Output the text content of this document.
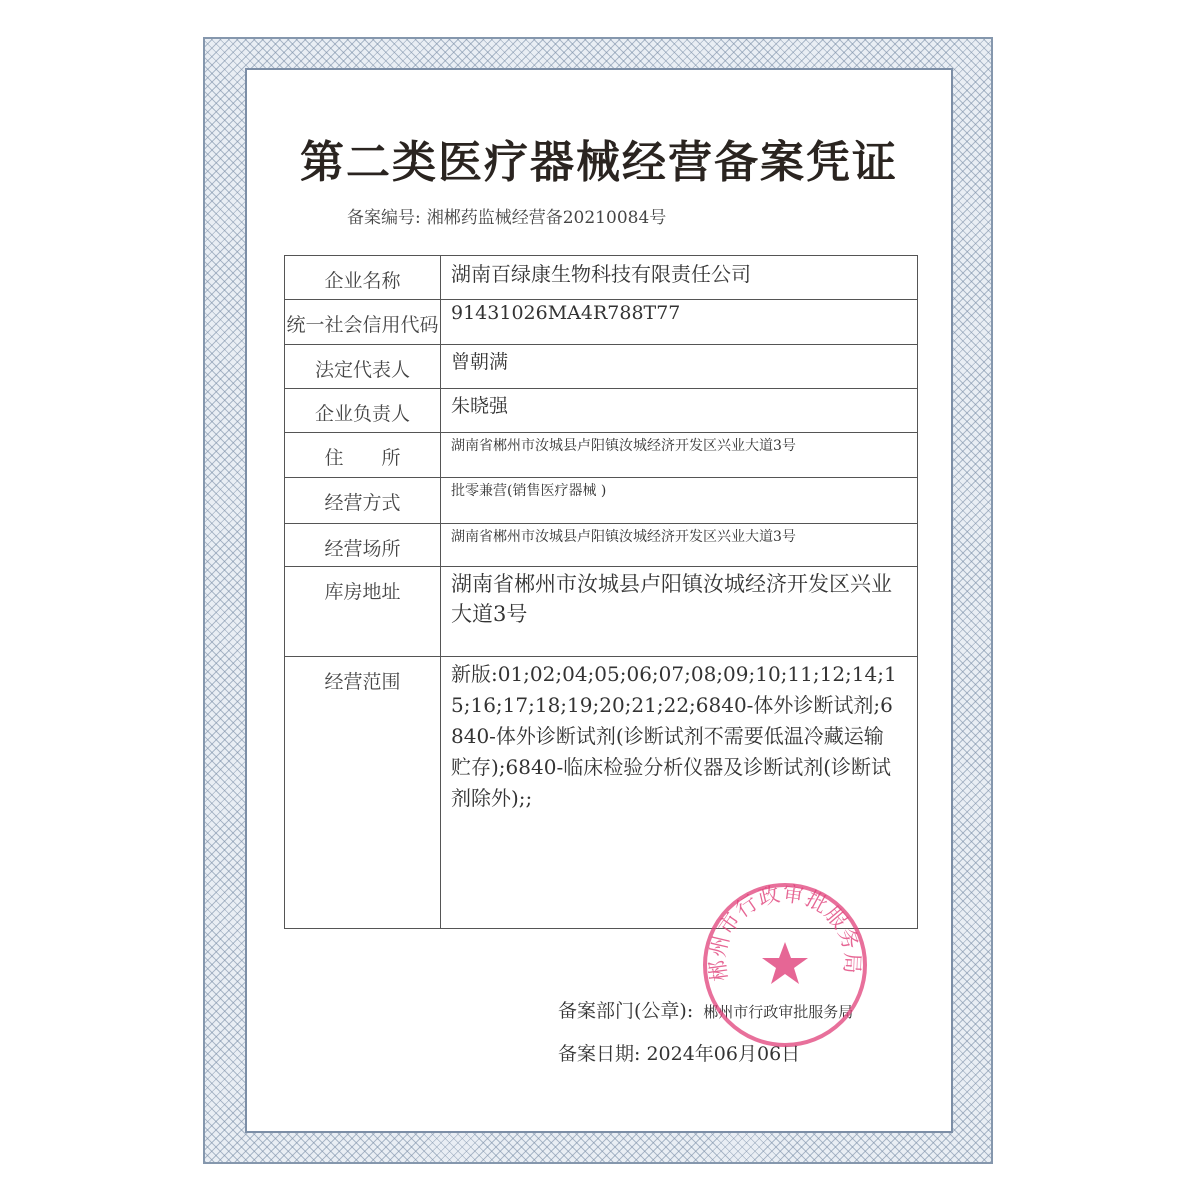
第二类医疗器械经营备案凭证
备案编号: 湘郴药监械经营备20210084号
企业名称	湖南百绿康生物科技有限责任公司
统一社会信用代码	91431026MA4R788T77
法定代表人	曾朝满
企业负责人	朱晓强
住　　所	湖南省郴州市汝城县卢阳镇汝城经济开发区兴业大道3号
经营方式	批零兼营(销售医疗器械 )
经营场所	湖南省郴州市汝城县卢阳镇汝城经济开发区兴业大道3号
库房地址	湖南省郴州市汝城县卢阳镇汝城经济开发区兴业大道3号
经营范围	新版:01;02;04;05;06;07;08;09;10;11;12;14;15;16;17;18;19;20;21;22;6840-体外诊断试剂;6840-体外诊断试剂(诊断试剂不需要低温冷藏运输贮存);6840-临床检验分析仪器及诊断试剂(诊断试剂除外);;
备案部门(公章): 郴州市行政审批服务局
备案日期: 2024年06月06日
郴州市行政审批服务局
